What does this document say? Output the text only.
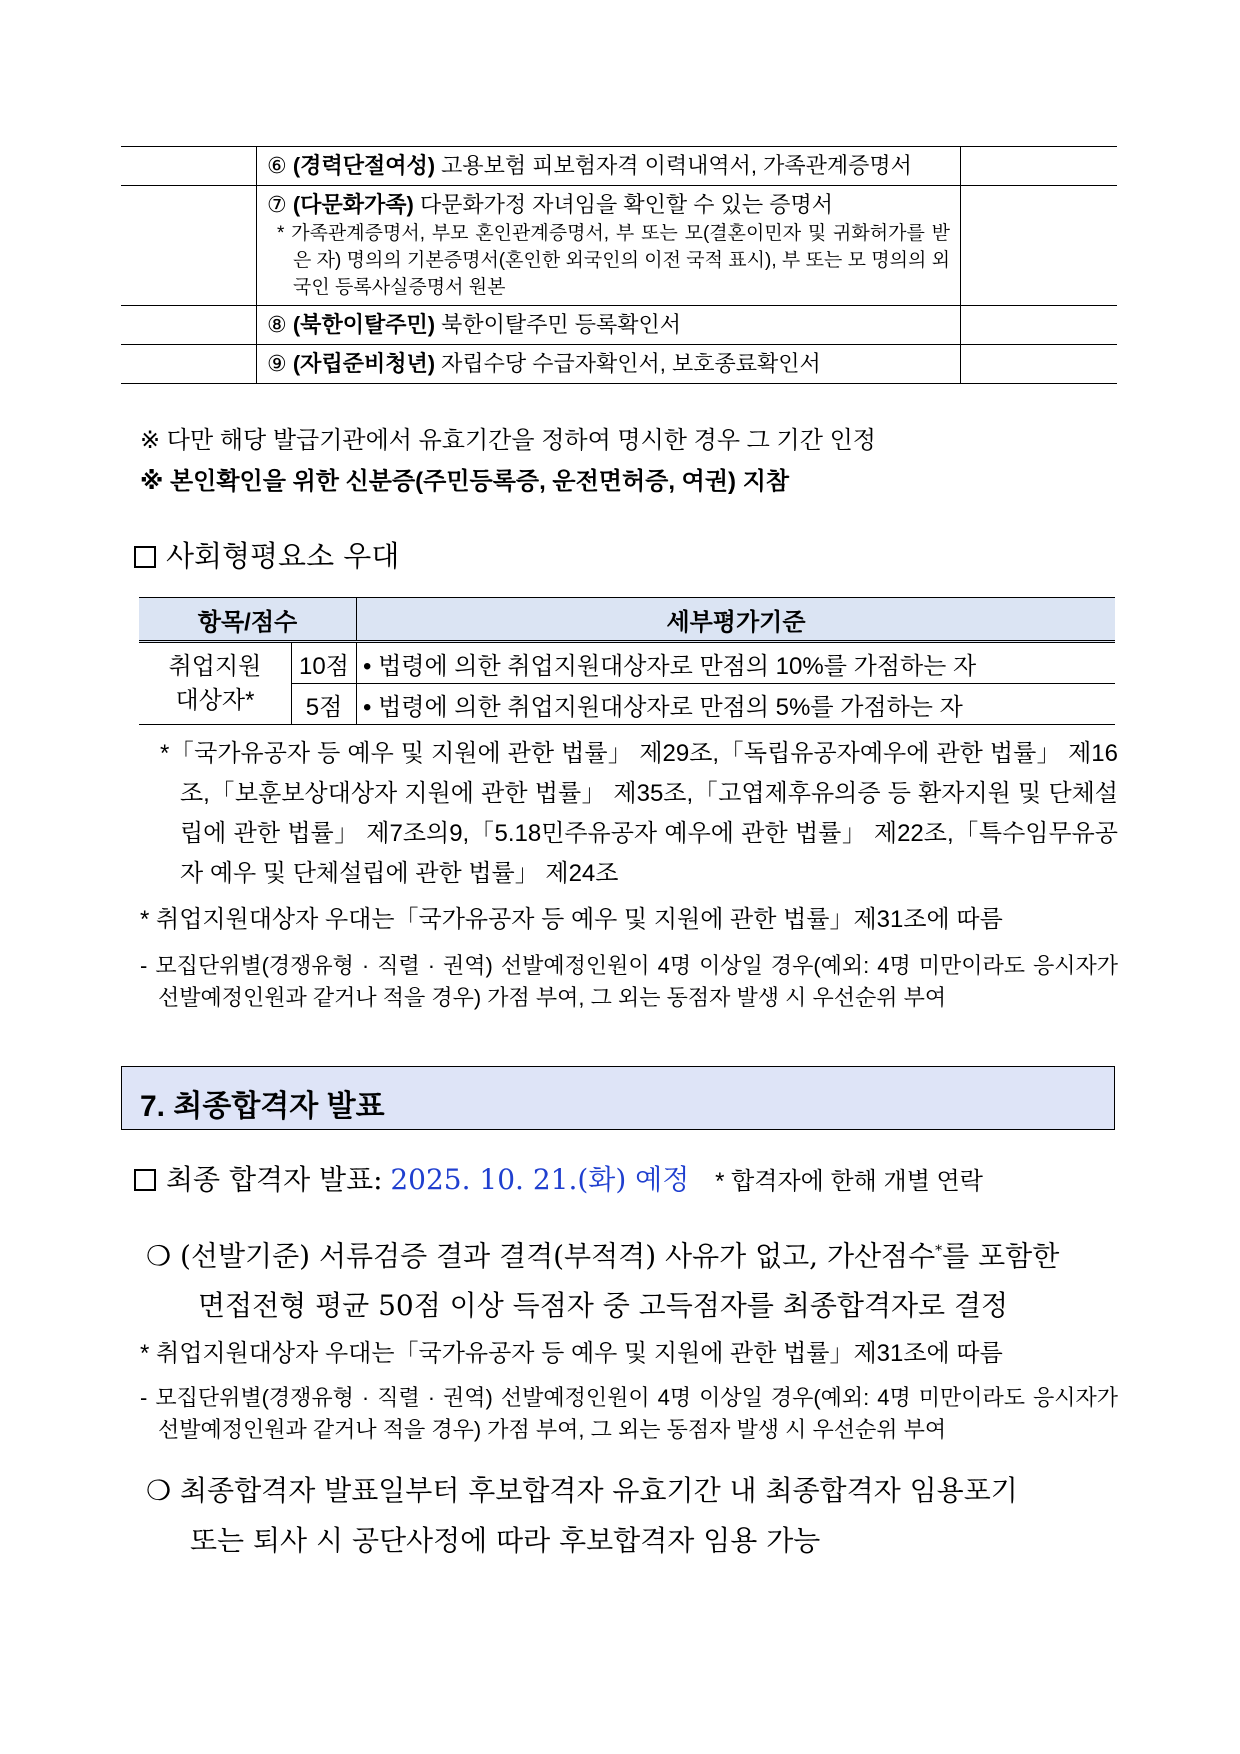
	⑥ (경력단절여성) 고용보험 피보험자격 이력내역서, 가족관계증명서	
	⑦ (다문화가족) 다문화가정 자녀임을 확인할 수 있는 증명서
* 가족관계증명서, 부모 혼인관계증명서, 부 또는 모(결혼이민자 및 귀화허가를 받은 자) 명의의 기본증명서(혼인한 외국인의 이전 국적 표시), 부 또는 모 명의의 외국인 등록사실증명서 원본	

	⑧ (북한이탈주민) 북한이탈주민 등록확인서	
	⑨ (자립준비청년) 자립수당 수급자확인서, 보호종료확인서	
※ 다만 해당 발급기관에서 유효기간을 정하여 명시한 경우 그 기간 인정
※ 본인확인을 위한 신분증(주민등록증, 운전면허증, 여권) 지참
사회형평요소 우대
항목/점수		세부평가기준

취업지원
대상자*	10점	• 법령에 의한 취업지원대상자로 만점의 10%를 가점하는 자
	5점	• 법령에 의한 취업지원대상자로 만점의 5%를 가점하는 자
*「국가유공자 등 예우 및 지원에 관한 법률」 제29조,「독립유공자예우에 관한 법률」 제16조,「보훈보상대상자 지원에 관한 법률」 제35조,「고엽제후유의증 등 환자지원 및 단체설립에 관한 법률」 제7조의9,「5.18민주유공자 예우에 관한 법률」 제22조,「특수임무유공자 예우 및 단체설립에 관한 법률」 제24조
* 취업지원대상자 우대는「국가유공자 등 예우 및 지원에 관한 법률」제31조에 따름
- 모집단위별(경쟁유형 · 직렬 · 권역) 선발예정인원이 4명 이상일 경우(예외: 4명 미만이라도 응시자가 선발예정인원과 같거나 적을 경우) 가점 부여, 그 외는 동점자 발생 시 우선순위 부여
7. 최종합격자 발표
최종 합격자 발표: 2025. 10. 21.(화) 예정 * 합격자에 한해 개별 연락
❍ (선발기준) 서류검증 결과 결격(부적격) 사유가 없고, 가산점수*를 포함한
면접전형 평균 50점 이상 득점자 중 고득점자를 최종합격자로 결정
* 취업지원대상자 우대는「국가유공자 등 예우 및 지원에 관한 법률」제31조에 따름
- 모집단위별(경쟁유형 · 직렬 · 권역) 선발예정인원이 4명 이상일 경우(예외: 4명 미만이라도 응시자가 선발예정인원과 같거나 적을 경우) 가점 부여, 그 외는 동점자 발생 시 우선순위 부여
❍ 최종합격자 발표일부터 후보합격자 유효기간 내 최종합격자 임용포기
또는 퇴사 시 공단사정에 따라 후보합격자 임용 가능
